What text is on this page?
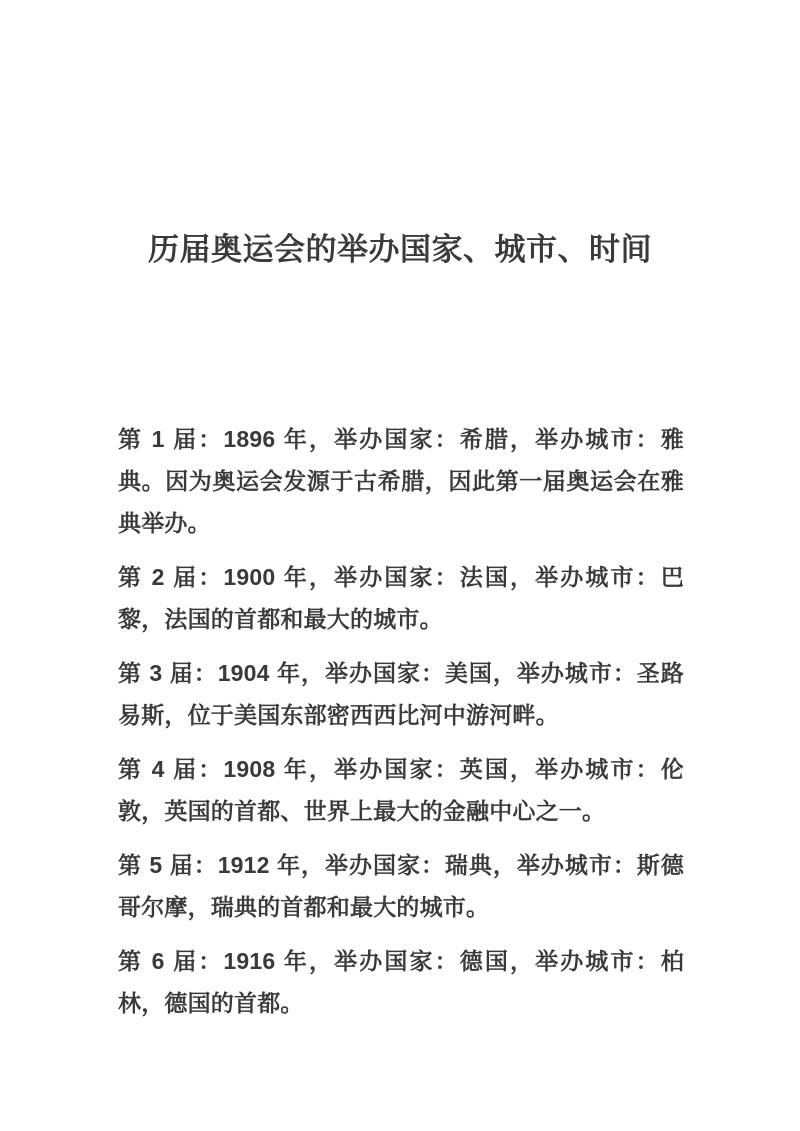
历届奥运会的举办国家、城市、时间

第 1 届：1896 年，举办国家：希腊，举办城市：雅典。因为奥运会发源于古希腊，因此第一届奥运会在雅典举办。

第 2 届：1900 年，举办国家：法国，举办城市：巴黎，法国的首都和最大的城市。

第 3 届：1904 年，举办国家：美国，举办城市：圣路易斯，位于美国东部密西西比河中游河畔。

第 4 届：1908 年，举办国家：英国，举办城市：伦敦，英国的首都、世界上最大的金融中心之一。

第 5 届：1912 年，举办国家：瑞典，举办城市：斯德哥尔摩，瑞典的首都和最大的城市。

第 6 届：1916 年，举办国家：德国，举办城市：柏林，德国的首都。
